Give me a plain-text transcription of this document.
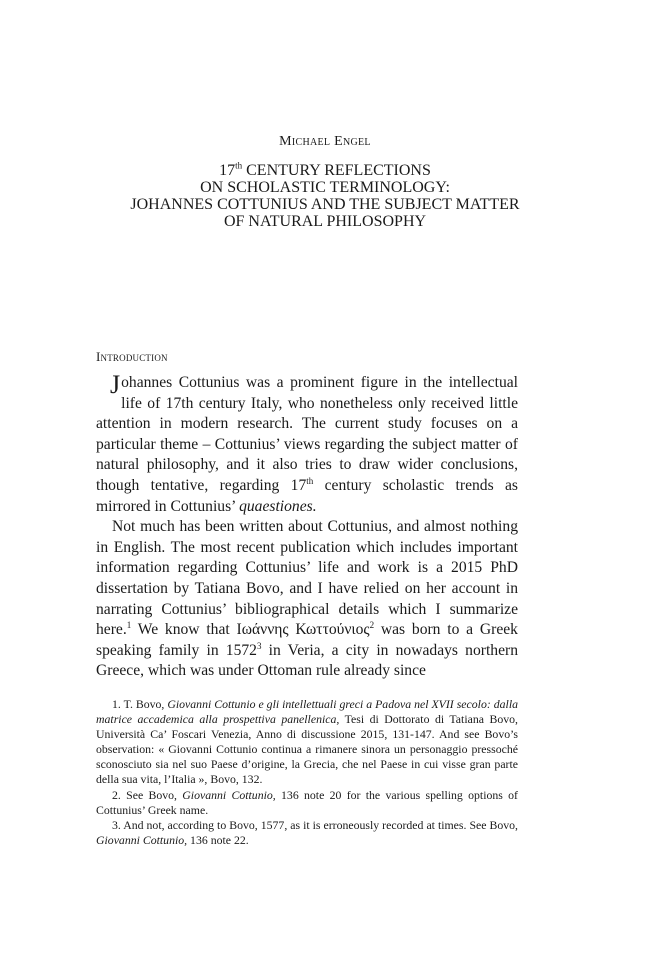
Michael Engel
17th CENTURY REFLECTIONS
ON SCHOLASTIC TERMINOLOGY:
JOHANNES COTTUNIUS AND THE SUBJECT MATTER
OF NATURAL PHILOSOPHY
Introduction

Johannes Cottunius was a prominent figure in the intellectual life of 17th century Italy, who nonetheless only received little attention in modern research. The current study focuses on a particular theme – Cottunius’ views regarding the subject matter of natural philosophy, and it also tries to draw wider conclusions, though tentative, regarding 17th century scholastic trends as mirrored in Cottunius’ quaestiones.

Not much has been written about Cottunius, and almost nothing in English. The most recent publication which includes important information regarding Cottunius’ life and work is a 2015 PhD dissertation by Tatiana Bovo, and I have relied on her account in narrating Cottunius’ bibliographical details which I summarize here.$^1$ We know that Ιωάννης Κωττούνιος$^2$ was born to a Greek speaking family in 1572$^3$ in Veria, a city in nowadays northern Greece, which was under Ottoman rule already since

1. T. Bovo, Giovanni Cottunio e gli intellettuali greci a Padova nel XVII secolo: dalla matrice accademica alla prospettiva panellenica, Tesi di Dottorato di Tatiana Bovo, Università Ca’ Foscari Venezia, Anno di discussione 2015, 131-147. And see Bovo’s observation: « Giovanni Cottunio continua a rimanere sinora un personaggio pressoché sconosciuto sia nel suo Paese d’origine, la Grecia, che nel Paese in cui visse gran parte della sua vita, l’Italia », Bovo, 132.

2. See Bovo, Giovanni Cottunio, 136 note 20 for the various spelling options of Cottunius’ Greek name.

3. And not, according to Bovo, 1577, as it is erroneously recorded at times. See Bovo, Giovanni Cottunio, 136 note 22.
